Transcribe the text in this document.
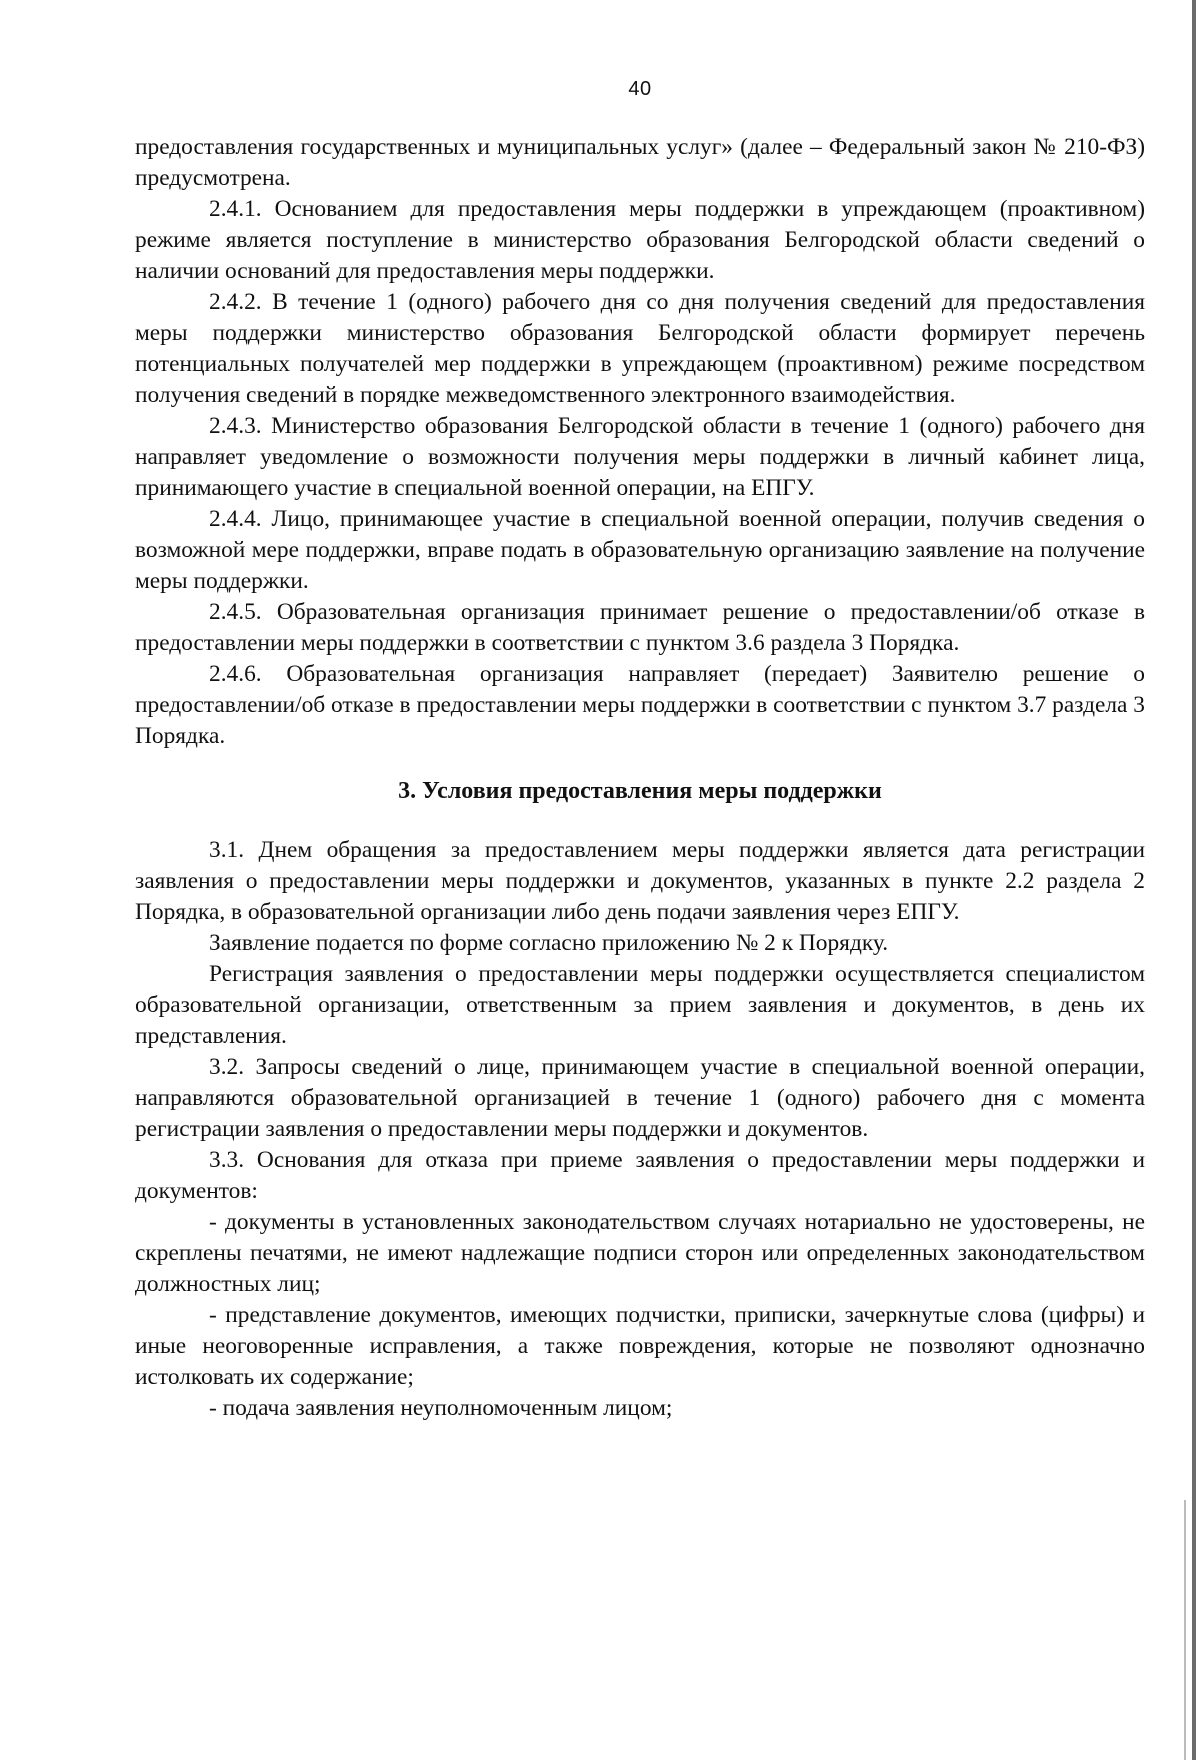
40

предоставления государственных и муниципальных услуг» (далее – Федеральный закон № 210-ФЗ) предусмотрена.

2.4.1. Основанием для предоставления меры поддержки в упреждающем (проактивном) режиме является поступление в министерство образования Белгородской области сведений о наличии оснований для предоставления меры поддержки.

2.4.2. В течение 1 (одного) рабочего дня со дня получения сведений для предоставления меры поддержки министерство образования Белгородской области формирует перечень потенциальных получателей мер поддержки в упреждающем (проактивном) режиме посредством получения сведений в порядке межведомственного электронного взаимодействия.

2.4.3. Министерство образования Белгородской области в течение 1 (одного) рабочего дня направляет уведомление о возможности получения меры поддержки в личный кабинет лица, принимающего участие в специальной военной операции, на ЕПГУ.

2.4.4. Лицо, принимающее участие в специальной военной операции, получив сведения о возможной мере поддержки, вправе подать в образовательную организацию заявление на получение меры поддержки.

2.4.5. Образовательная организация принимает решение о предоставлении/об отказе в предоставлении меры поддержки в соответствии с пунктом 3.6 раздела 3 Порядка.

2.4.6. Образовательная организация направляет (передает) Заявителю решение о предоставлении/об отказе в предоставлении меры поддержки в соответствии с пунктом 3.7 раздела 3 Порядка.

3. Условия предоставления меры поддержки

3.1. Днем обращения за предоставлением меры поддержки является дата регистрации заявления о предоставлении меры поддержки и документов, указанных в пункте 2.2 раздела 2 Порядка, в образовательной организации либо день подачи заявления через ЕПГУ.

Заявление подается по форме согласно приложению № 2 к Порядку.

Регистрация заявления о предоставлении меры поддержки осуществляется специалистом образовательной организации, ответственным за прием заявления и документов, в день их представления.

3.2. Запросы сведений о лице, принимающем участие в специальной военной операции, направляются образовательной организацией в течение 1 (одного) рабочего дня с момента регистрации заявления о предоставлении меры поддержки и документов.

3.3. Основания для отказа при приеме заявления о предоставлении меры поддержки и документов:

- документы в установленных законодательством случаях нотариально не удостоверены, не скреплены печатями, не имеют надлежащие подписи сторон или определенных законодательством должностных лиц;

- представление документов, имеющих подчистки, приписки, зачеркнутые слова (цифры) и иные неоговоренные исправления, а также повреждения, которые не позволяют однозначно истолковать их содержание;

- подача заявления неуполномоченным лицом;
